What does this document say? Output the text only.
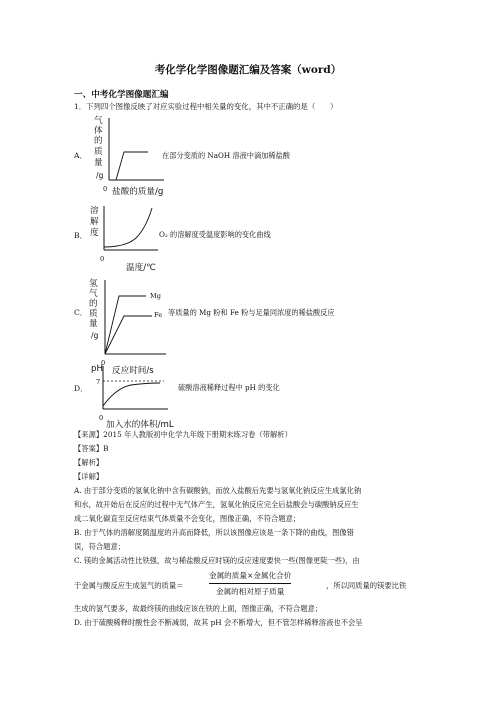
考化学化学图像题汇编及答案（word）
一、中考化学图像题汇编
1．下列四个图像反映了对应实验过程中相关量的变化，其中不正确的是（　　）
A．
气
体
的
质
量
/g
0 盐酸的质量/g
在部分变质的 NaOH 溶液中滴加稀盐酸
B．
溶
解
度
0
温度/℃
O₂ 的溶解度受温度影响的变化曲线
C．
氢
气
的
质
量
/g
Mg
Fe
0
反应时间/s
等质量的 Mg 粉和 Fe 粉与足量同浓度的稀盐酸反应
D．
pH
7
0
加入水的体积/mL
硫酸溶液稀释过程中 pH 的变化
【来源】2015 年人教版初中化学九年级下册期末练习卷（带解析）
【答案】B
【解析】
【详解】
A. 由于部分变质的氢氧化钠中含有碳酸钠，而放入盐酸后先要与氢氧化钠反应生成氯化钠
和水，故开始后在反应的过程中无气体产生，氢氧化钠反应完全后盐酸会与碳酸钠反应生
成二氧化碳直至反应结束气体质量不会变化，图像正确，不符合题意；
B. 由于气体的溶解度随温度的升高而降低，所以该图像应该是一条下降的曲线，图像错
误，符合题意；
C. 镁的金属活动性比铁强，故与稀盐酸反应时镁的反应速度要快一些(图像更陡一些)，由
于金属与酸反应生成氢气的质量＝
金属的质量×金属化合价
金属的相对原子质量
，所以同质量的镁要比铁
生成的氢气要多，故最终镁的曲线应该在铁的上面，图像正确，不符合题意；
D. 由于硫酸稀释时酸性会不断减弱，故其 pH 会不断增大，但不管怎样稀释溶液也不会呈
